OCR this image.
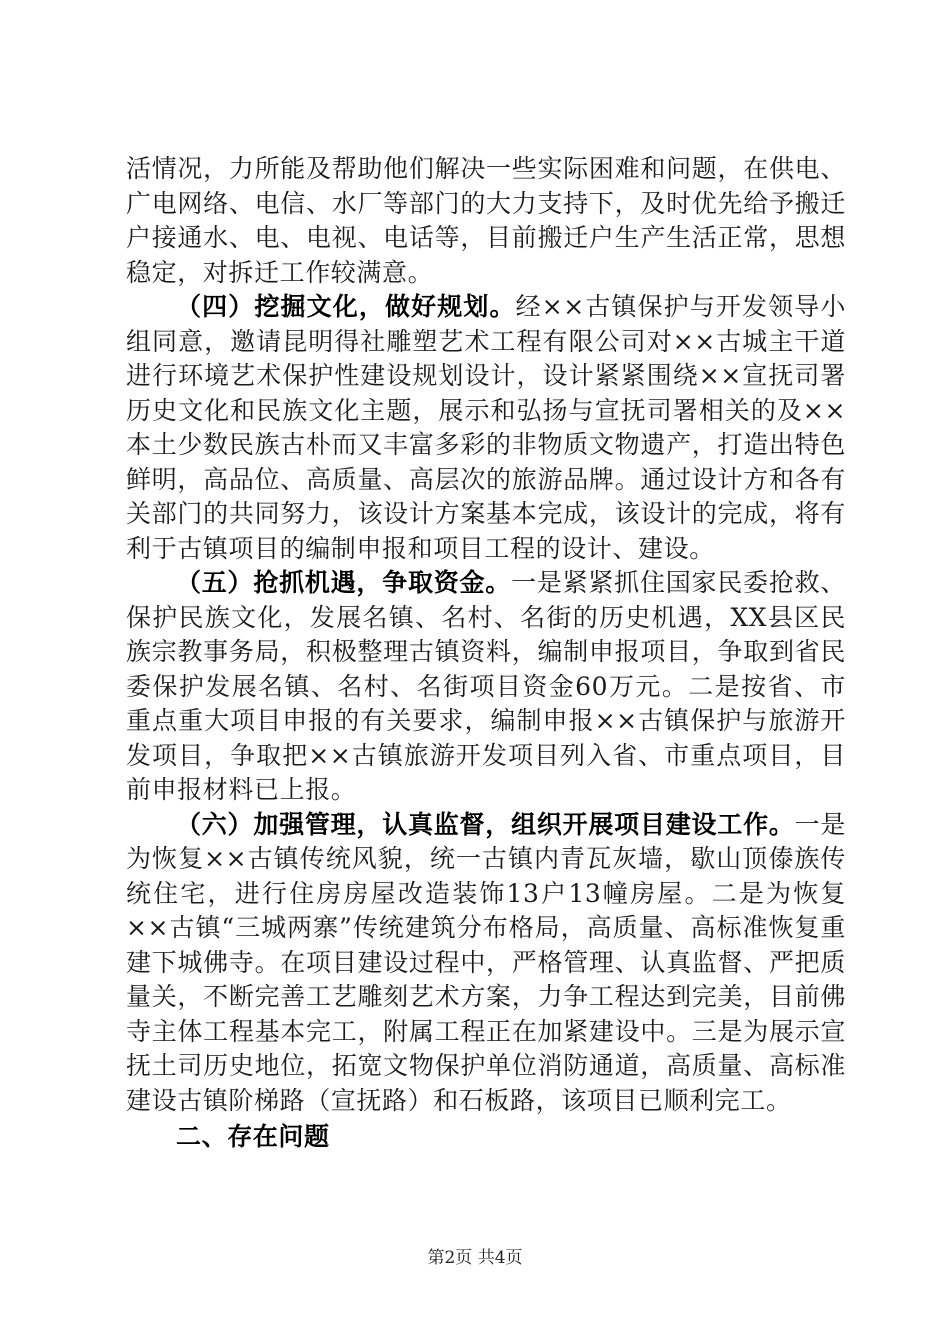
活情况，力所能及帮助他们解决一些实际困难和问题，在供电、广电网络、电信、水厂等部门的大力支持下，及时优先给予搬迁户接通水、电、电视、电话等，目前搬迁户生产生活正常，思想稳定，对拆迁工作较满意。

（四）挖掘文化，做好规划。经××古镇保护与开发领导小组同意，邀请昆明得社雕塑艺术工程有限公司对××古城主干道进行环境艺术保护性建设规划设计，设计紧紧围绕××宣抚司署历史文化和民族文化主题，展示和弘扬与宣抚司署相关的及××本土少数民族古朴而又丰富多彩的非物质文物遗产，打造出特色鲜明，高品位、高质量、高层次的旅游品牌。通过设计方和各有关部门的共同努力，该设计方案基本完成，该设计的完成，将有利于古镇项目的编制申报和项目工程的设计、建设。

（五）抢抓机遇，争取资金。一是紧紧抓住国家民委抢救、保护民族文化，发展名镇、名村、名街的历史机遇，XX县区民族宗教事务局，积极整理古镇资料，编制申报项目，争取到省民委保护发展名镇、名村、名街项目资金60万元。二是按省、市重点重大项目申报的有关要求，编制申报××古镇保护与旅游开发项目，争取把××古镇旅游开发项目列入省、市重点项目，目前申报材料已上报。

（六）加强管理，认真监督，组织开展项目建设工作。一是为恢复××古镇传统风貌，统一古镇内青瓦灰墙，歇山顶傣族传统住宅，进行住房房屋改造装饰13户13幢房屋。二是为恢复××古镇“三城两寨”传统建筑分布格局，高质量、高标准恢复重建下城佛寺。在项目建设过程中，严格管理、认真监督、严把质量关，不断完善工艺雕刻艺术方案，力争工程达到完美，目前佛寺主体工程基本完工，附属工程正在加紧建设中。三是为展示宣抚土司历史地位，拓宽文物保护单位消防通道，高质量、高标准建设古镇阶梯路（宣抚路）和石板路，该项目已顺利完工。

二、存在问题

第2页 共4页
